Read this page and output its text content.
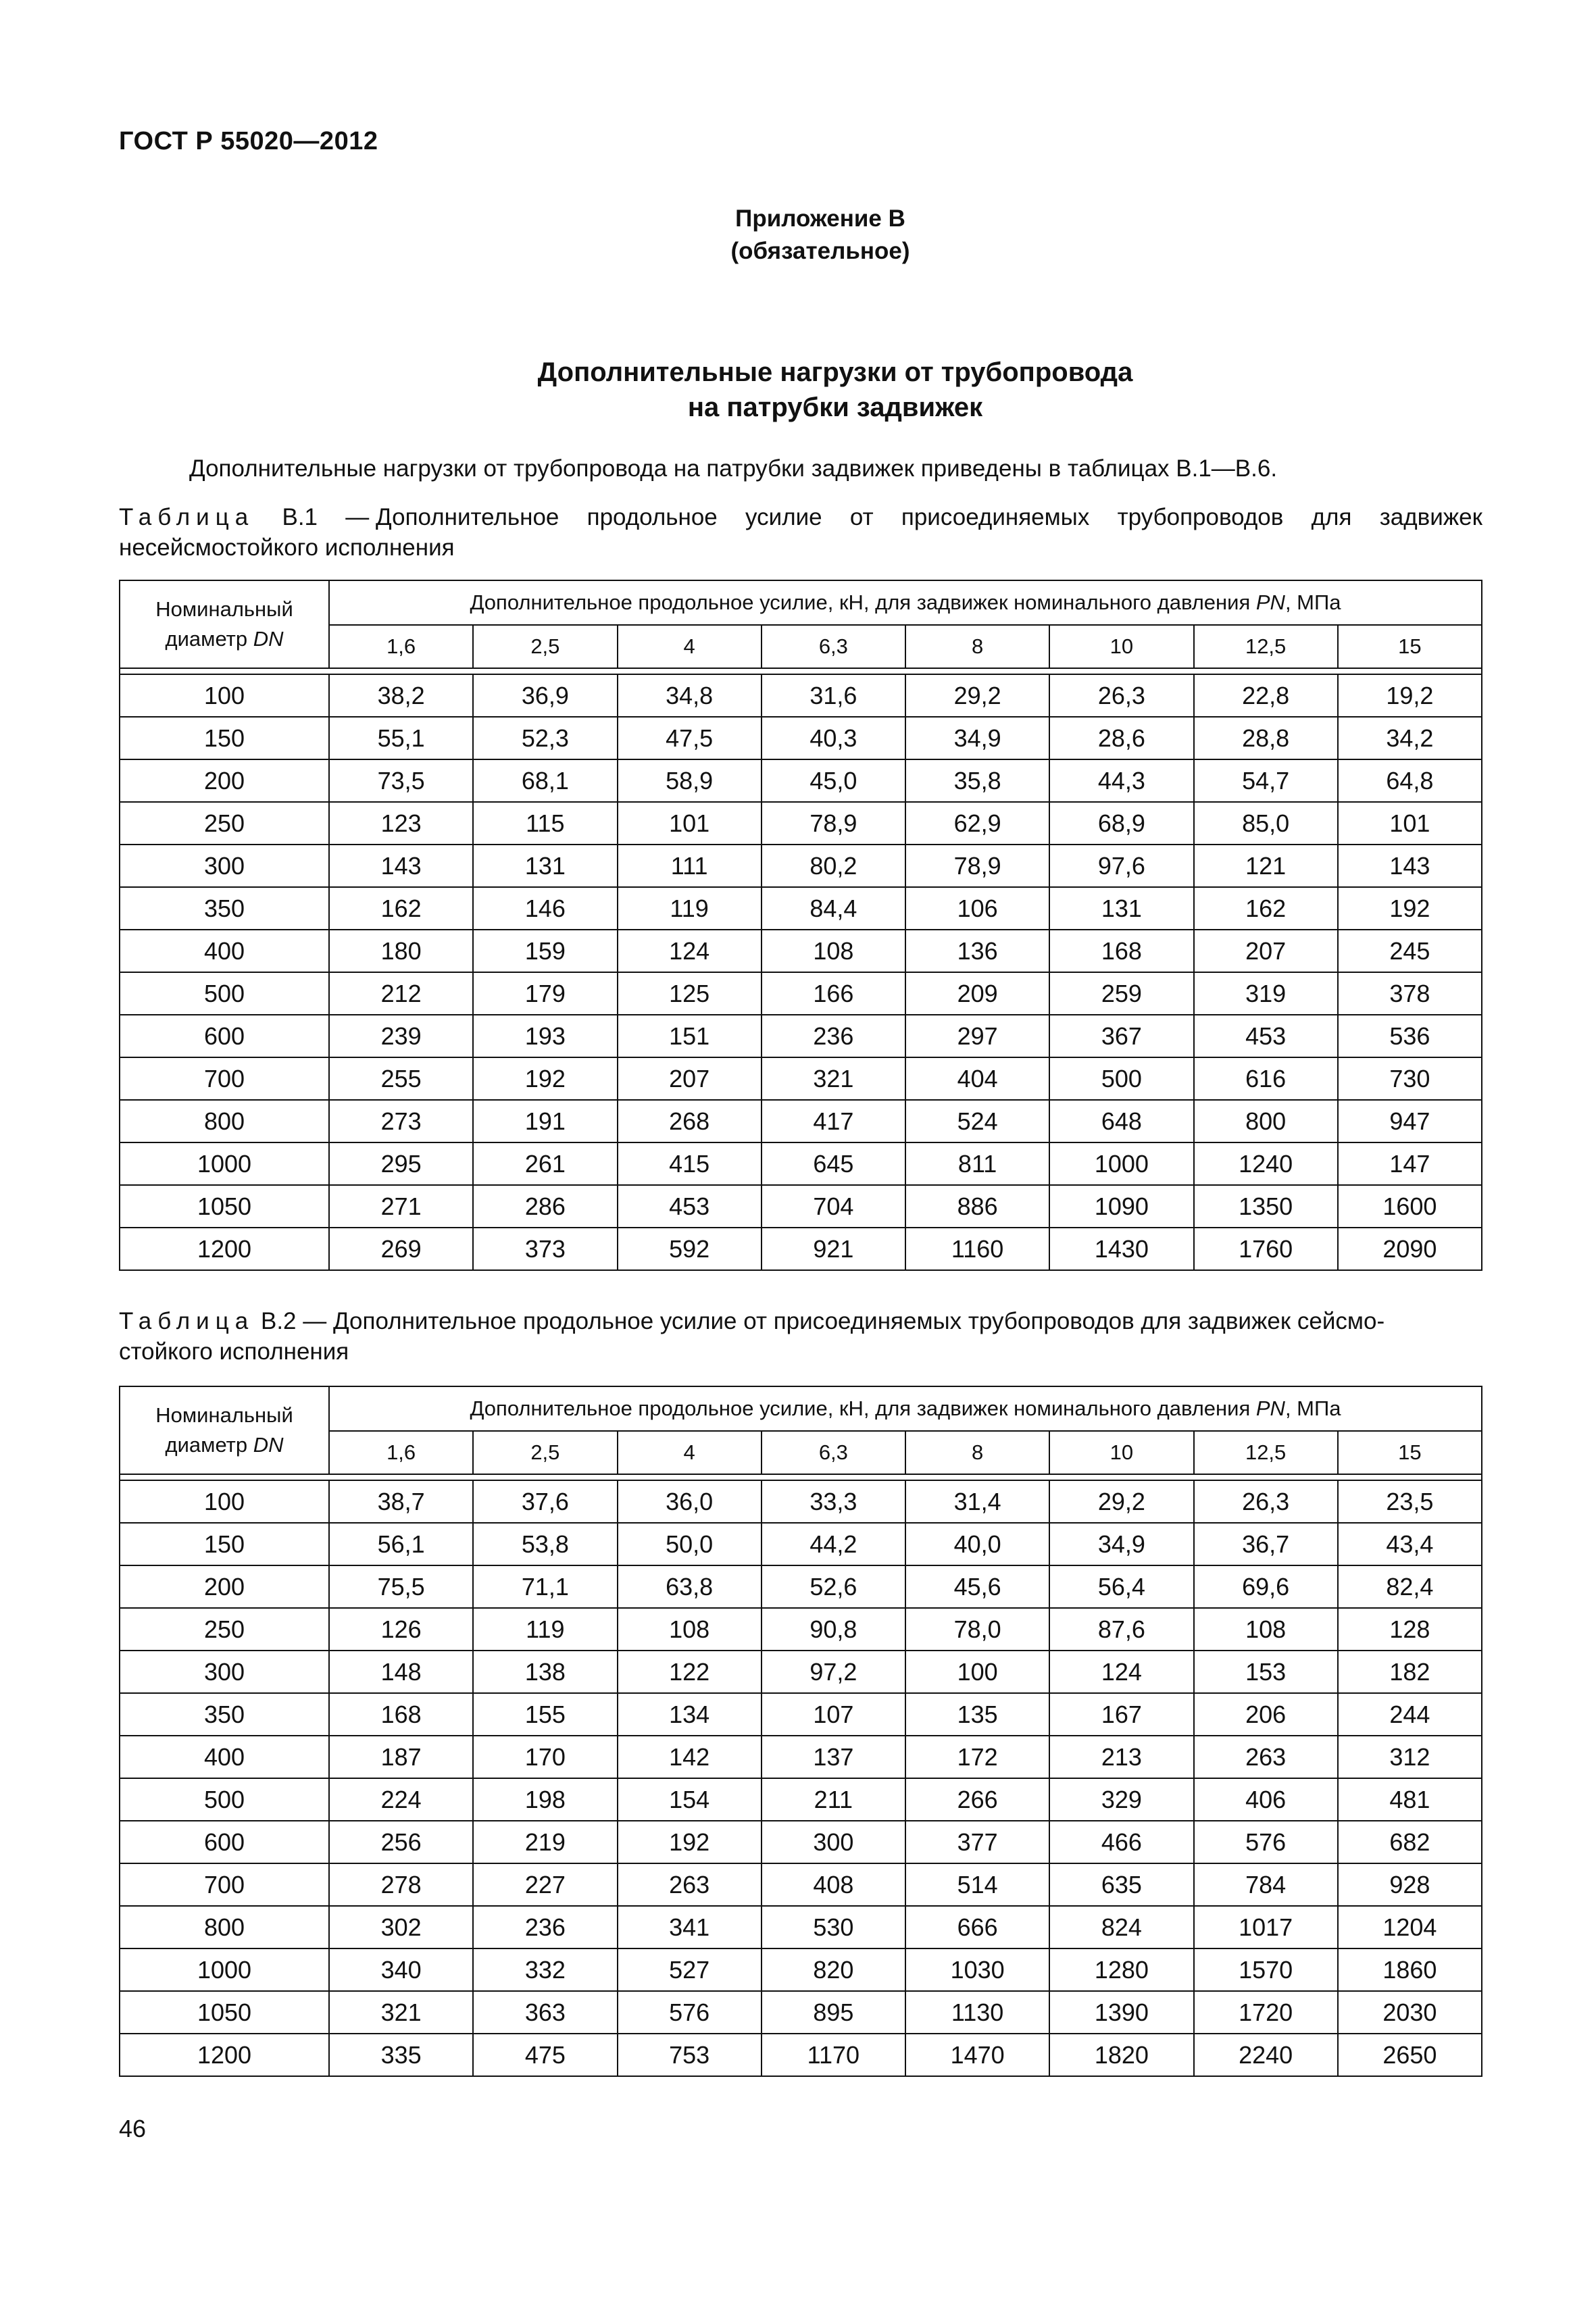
ГОСТ Р 55020—2012
Приложение В
(обязательное)
Дополнительные нагрузки от трубопровода
на патрубки задвижек
Дополнительные нагрузки от трубопровода на патрубки задвижек приведены в таблицах В.1—В.6.
Таблица В.1 — Дополнительное продольное усилие от присоединяемых трубопроводов для задвижек
несейсмостойкого исполнения
Номинальный
диаметр DN	Дополнительное продольное усилие, кН, для задвижек номинального давления PN, МПа							
	1,6	2,5	4	6,3	8	10	12,5	15

100	38,2	36,9	34,8	31,6	29,2	26,3	22,8	19,2
150	55,1	52,3	47,5	40,3	34,9	28,6	28,8	34,2
200	73,5	68,1	58,9	45,0	35,8	44,3	54,7	64,8
250	123	115	101	78,9	62,9	68,9	85,0	101
300	143	131	111	80,2	78,9	97,6	121	143
350	162	146	119	84,4	106	131	162	192
400	180	159	124	108	136	168	207	245
500	212	179	125	166	209	259	319	378
600	239	193	151	236	297	367	453	536
700	255	192	207	321	404	500	616	730
800	273	191	268	417	524	648	800	947
1000	295	261	415	645	811	1000	1240	147
1050	271	286	453	704	886	1090	1350	1600
1200	269	373	592	921	1160	1430	1760	2090
Таблица В.2 — Дополнительное продольное усилие от присоединяемых трубопроводов для задвижек сейсмо-
стойкого исполнения
Номинальный
диаметр DN	Дополнительное продольное усилие, кН, для задвижек номинального давления PN, МПа							
	1,6	2,5	4	6,3	8	10	12,5	15

100	38,7	37,6	36,0	33,3	31,4	29,2	26,3	23,5
150	56,1	53,8	50,0	44,2	40,0	34,9	36,7	43,4
200	75,5	71,1	63,8	52,6	45,6	56,4	69,6	82,4
250	126	119	108	90,8	78,0	87,6	108	128
300	148	138	122	97,2	100	124	153	182
350	168	155	134	107	135	167	206	244
400	187	170	142	137	172	213	263	312
500	224	198	154	211	266	329	406	481
600	256	219	192	300	377	466	576	682
700	278	227	263	408	514	635	784	928
800	302	236	341	530	666	824	1017	1204
1000	340	332	527	820	1030	1280	1570	1860
1050	321	363	576	895	1130	1390	1720	2030
1200	335	475	753	1170	1470	1820	2240	2650
46
